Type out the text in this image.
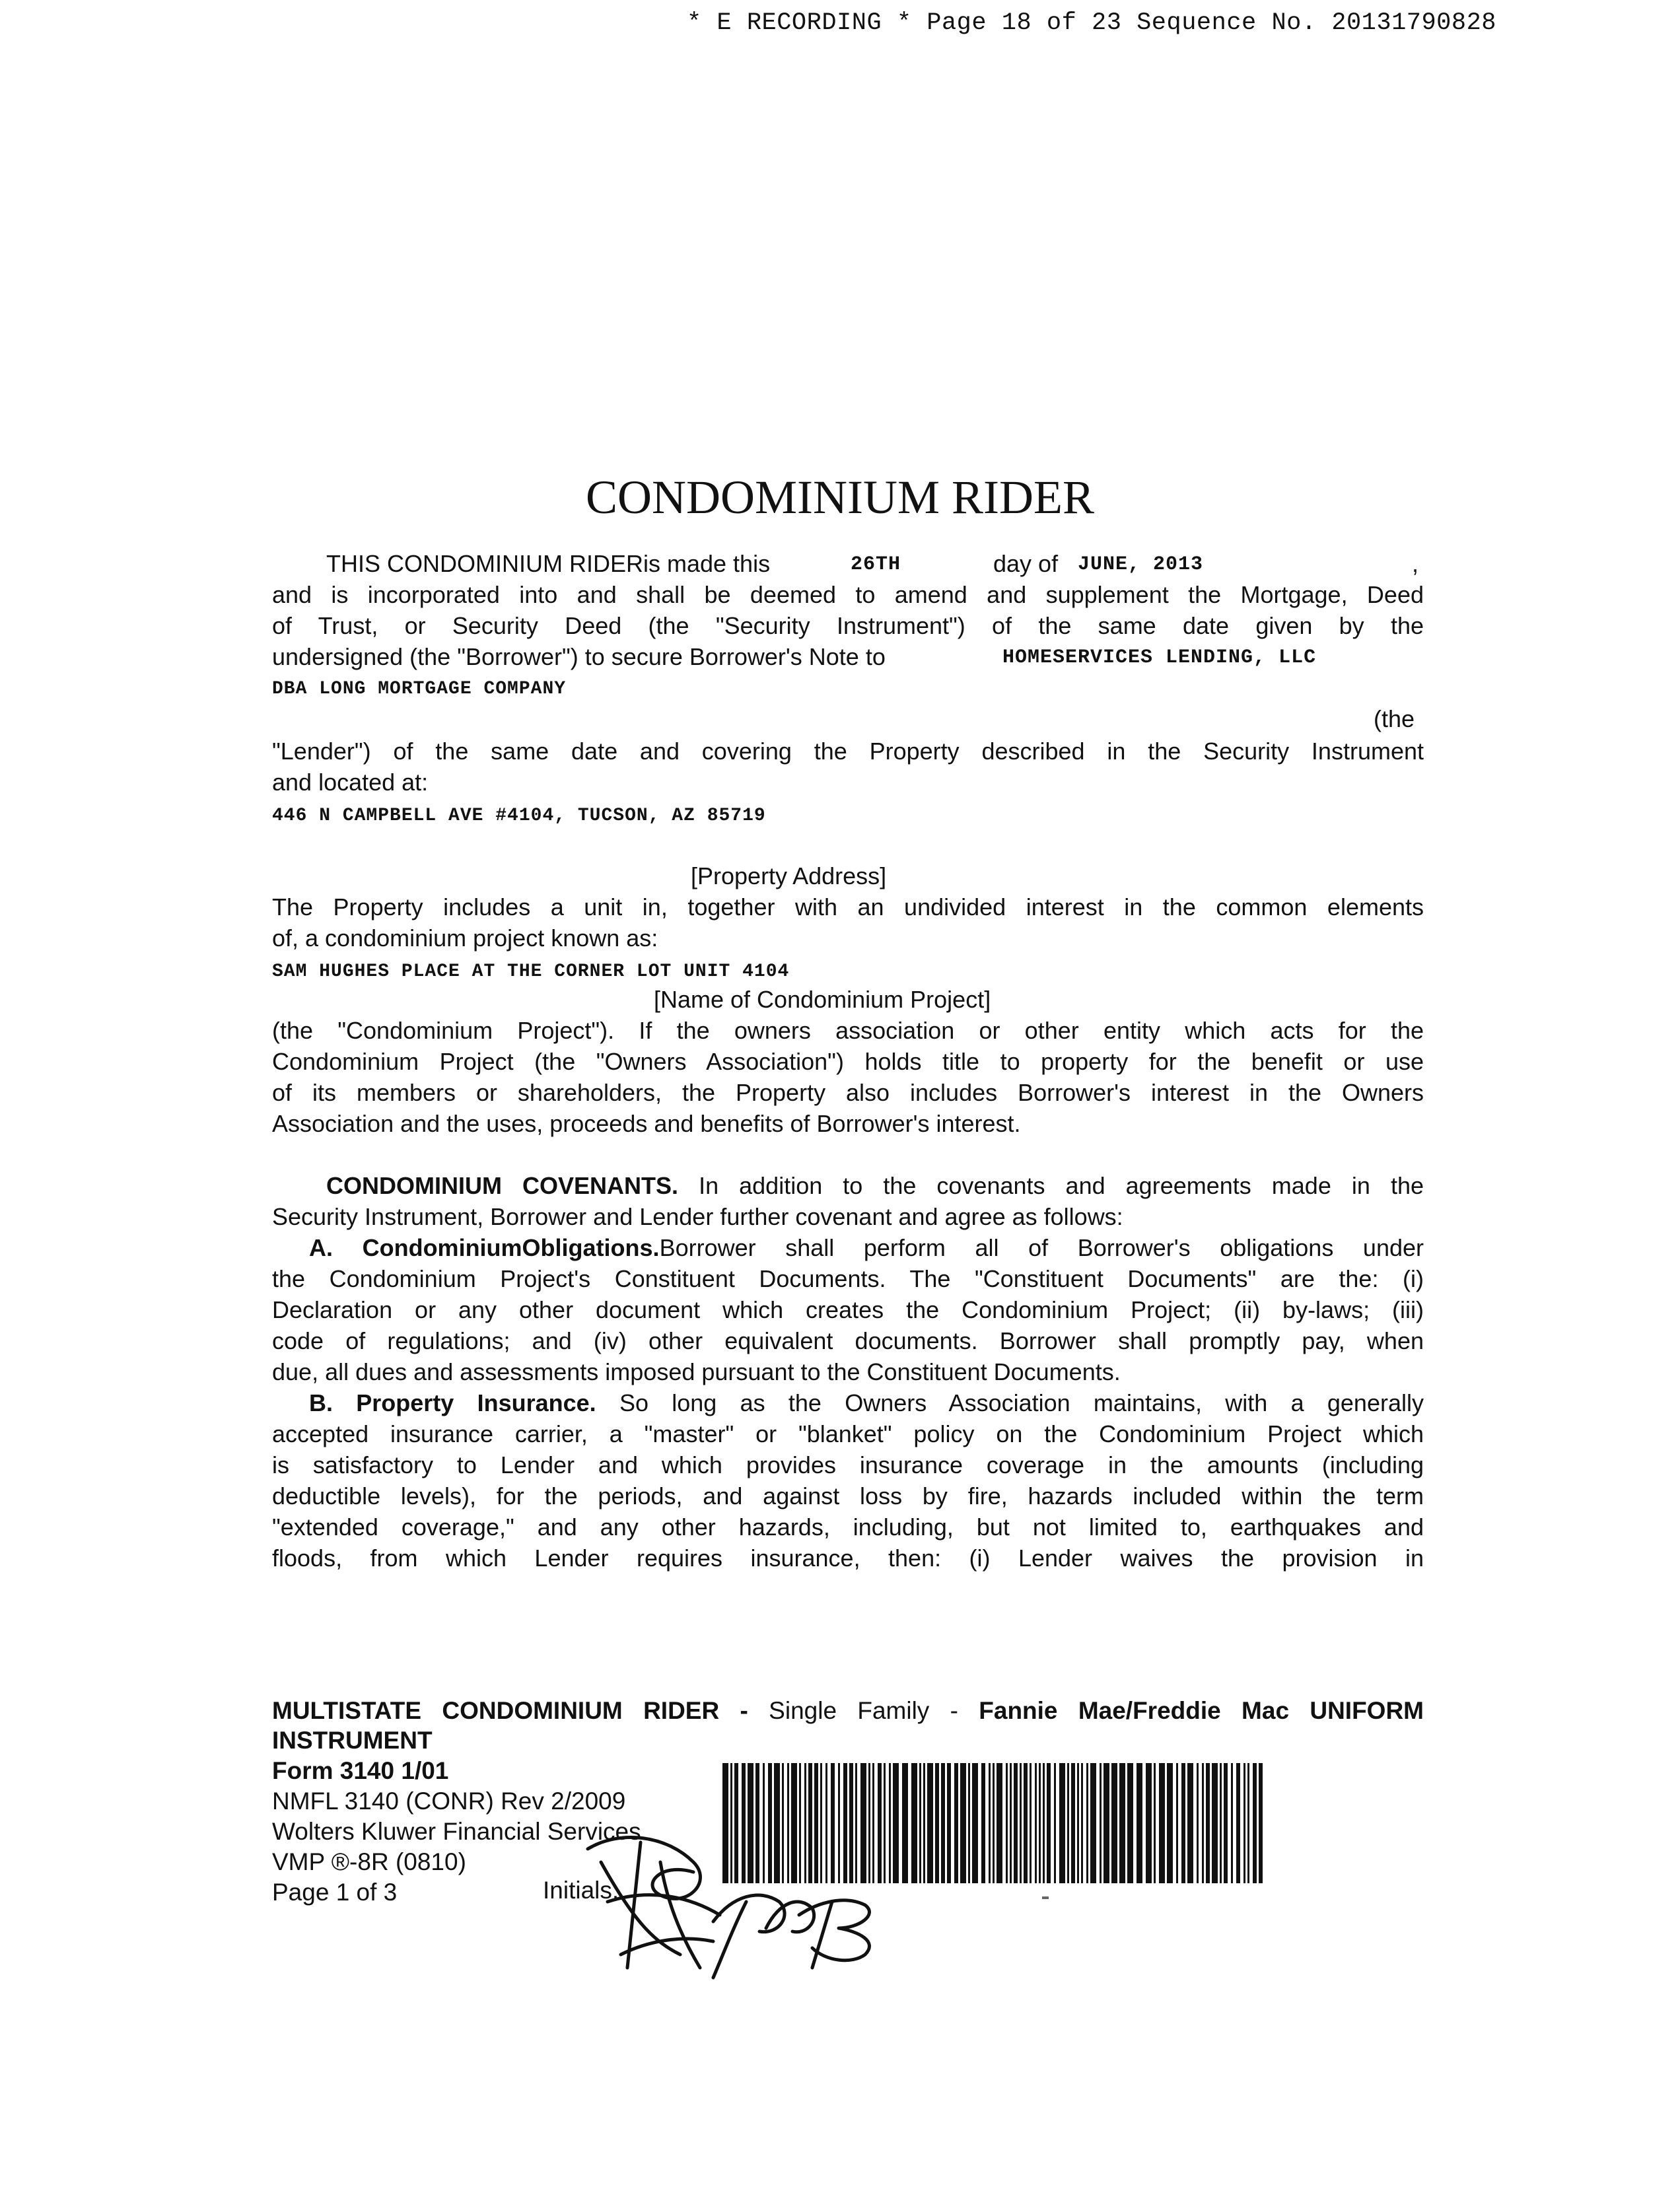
* E RECORDING * Page 18 of 23 Sequence No. 20131790828
CONDOMINIUM RIDER
THIS CONDOMINIUM RIDERis made this	26TH	day of JUNE, 2013	,
and is incorporated into and shall be deemed to amend and supplement the Mortgage, Deed
of Trust, or Security Deed (the "Security Instrument") of the same date given by the
undersigned (the "Borrower") to secure Borrower's Note to	HOMESERVICES LENDING, LLC
DBA LONG MORTGAGE COMPANY
(the
"Lender") of the same date and covering the Property described in the Security Instrument
and located at:
446 N CAMPBELL AVE #4104, TUCSON, AZ 85719
[Property Address]
The Property includes a unit in, together with an undivided interest in the common elements
of, a condominium project known as:
SAM HUGHES PLACE AT THE CORNER LOT UNIT 4104
[Name of Condominium Project]
(the "Condominium Project"). If the owners association or other entity which acts for the
Condominium Project (the "Owners Association") holds title to property for the benefit or use
of its members or shareholders, the Property also includes Borrower's interest in the Owners
Association and the uses, proceeds and benefits of Borrower's interest.
CONDOMINIUM COVENANTS. In addition to the covenants and agreements made in the
Security Instrument, Borrower and Lender further covenant and agree as follows:
A. CondominiumObligations.Borrower shall perform all of Borrower's obligations under
the Condominium Project's Constituent Documents. The "Constituent Documents" are the: (i)
Declaration or any other document which creates the Condominium Project; (ii) by-laws; (iii)
code of regulations; and (iv) other equivalent documents. Borrower shall promptly pay, when
due, all dues and assessments imposed pursuant to the Constituent Documents.
B. Property Insurance. So long as the Owners Association maintains, with a generally
accepted insurance carrier, a "master" or "blanket" policy on the Condominium Project which
is satisfactory to Lender and which provides insurance coverage in the amounts (including
deductible levels), for the periods, and against loss by fire, hazards included within the term
"extended coverage," and any other hazards, including, but not limited to, earthquakes and
floods, from which Lender requires insurance, then: (i) Lender waives the provision in
MULTISTATE CONDOMINIUM RIDER - Single Family - Fannie Mae/Freddie Mac UNIFORM
INSTRUMENT
Form 3140 1/01
NMFL 3140 (CONR) Rev 2/2009
Wolters Kluwer Financial Services
VMP ®-8R (0810)
Page 1 of 3	Initials:
